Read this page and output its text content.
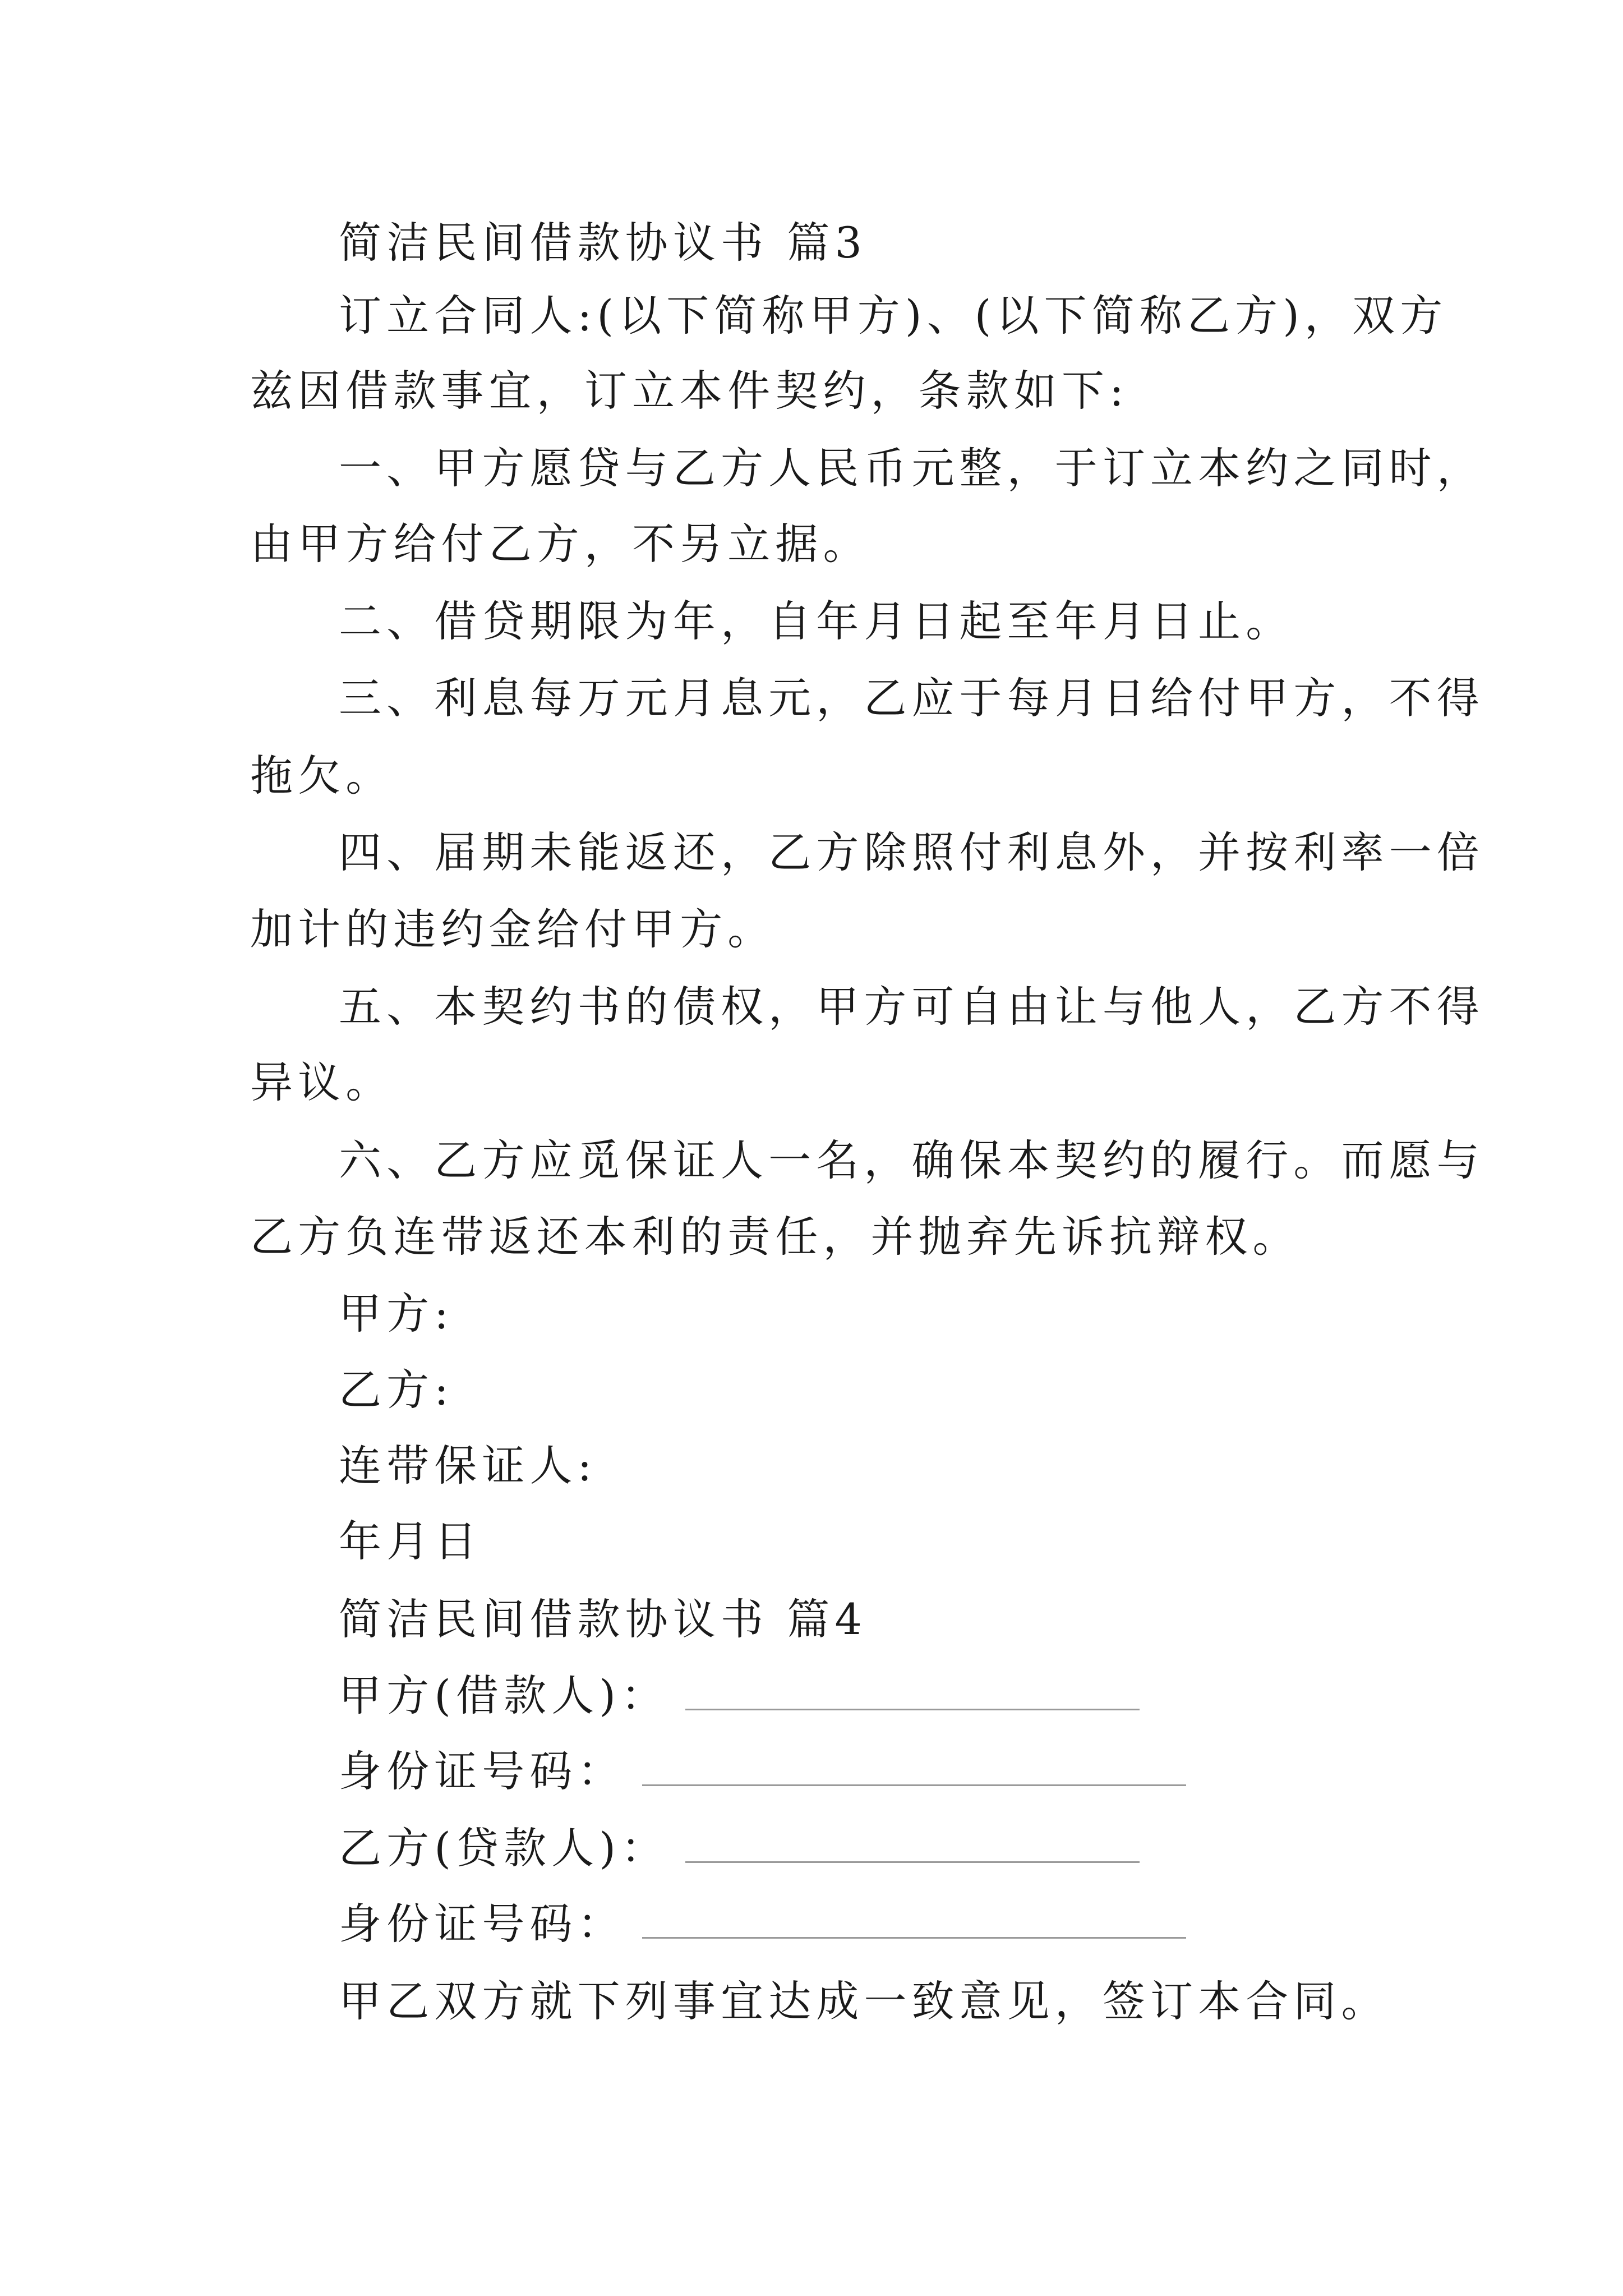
简洁民间借款协议书 篇3
订立合同人:(以下简称甲方)、(以下简称乙方)，双方
兹因借款事宜，订立本件契约，条款如下:
一、甲方愿贷与乙方人民币元整，于订立本约之同时，
由甲方给付乙方，不另立据。
二、借贷期限为年，自年月日起至年月日止。
三、利息每万元月息元，乙应于每月日给付甲方，不得
拖欠。
四、届期未能返还，乙方除照付利息外，并按利率一倍
加计的违约金给付甲方。
五、本契约书的债权，甲方可自由让与他人，乙方不得
异议。
六、乙方应觅保证人一名，确保本契约的履行。而愿与
乙方负连带返还本利的责任，并抛弃先诉抗辩权。
甲方:
乙方:
连带保证人:
年月日
简洁民间借款协议书 篇4
甲方(借款人)：
身份证号码：
乙方(贷款人)：
身份证号码：
甲乙双方就下列事宜达成一致意见，签订本合同。
